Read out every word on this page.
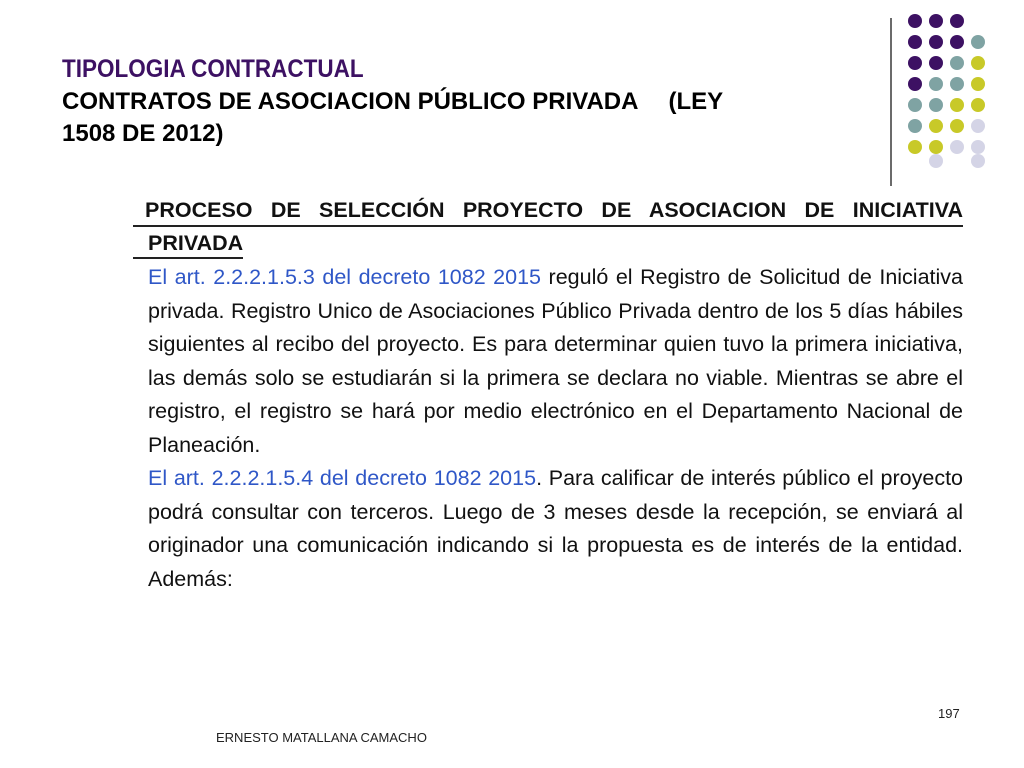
TIPOLOGIA CONTRACTUAL
CONTRATOS DE ASOCIACION PÚBLICO PRIVADA (LEY
1508 DE 2012)
PROCESO DE SELECCIÓN PROYECTO DE ASOCIACION DE INICIATIVA
PRIVADA
El art. 2.2.2.1.5.3 del decreto 1082 2015 reguló el Registro de Solicitud de Iniciativa privada. Registro Unico de Asociaciones Público Privada dentro de los 5 días hábiles siguientes al recibo del proyecto. Es para determinar quien tuvo la primera iniciativa, las demás solo se estudiarán si la primera se declara no viable. Mientras se abre el registro, el registro se hará por medio electrónico en el Departamento Nacional de Planeación.
El art. 2.2.2.1.5.4 del decreto 1082 2015. Para calificar de interés público el proyecto podrá consultar con terceros. Luego de 3 meses desde la recepción, se enviará al originador una comunicación indicando si la propuesta es de interés de la entidad. Además:
197
ERNESTO MATALLANA CAMACHO
